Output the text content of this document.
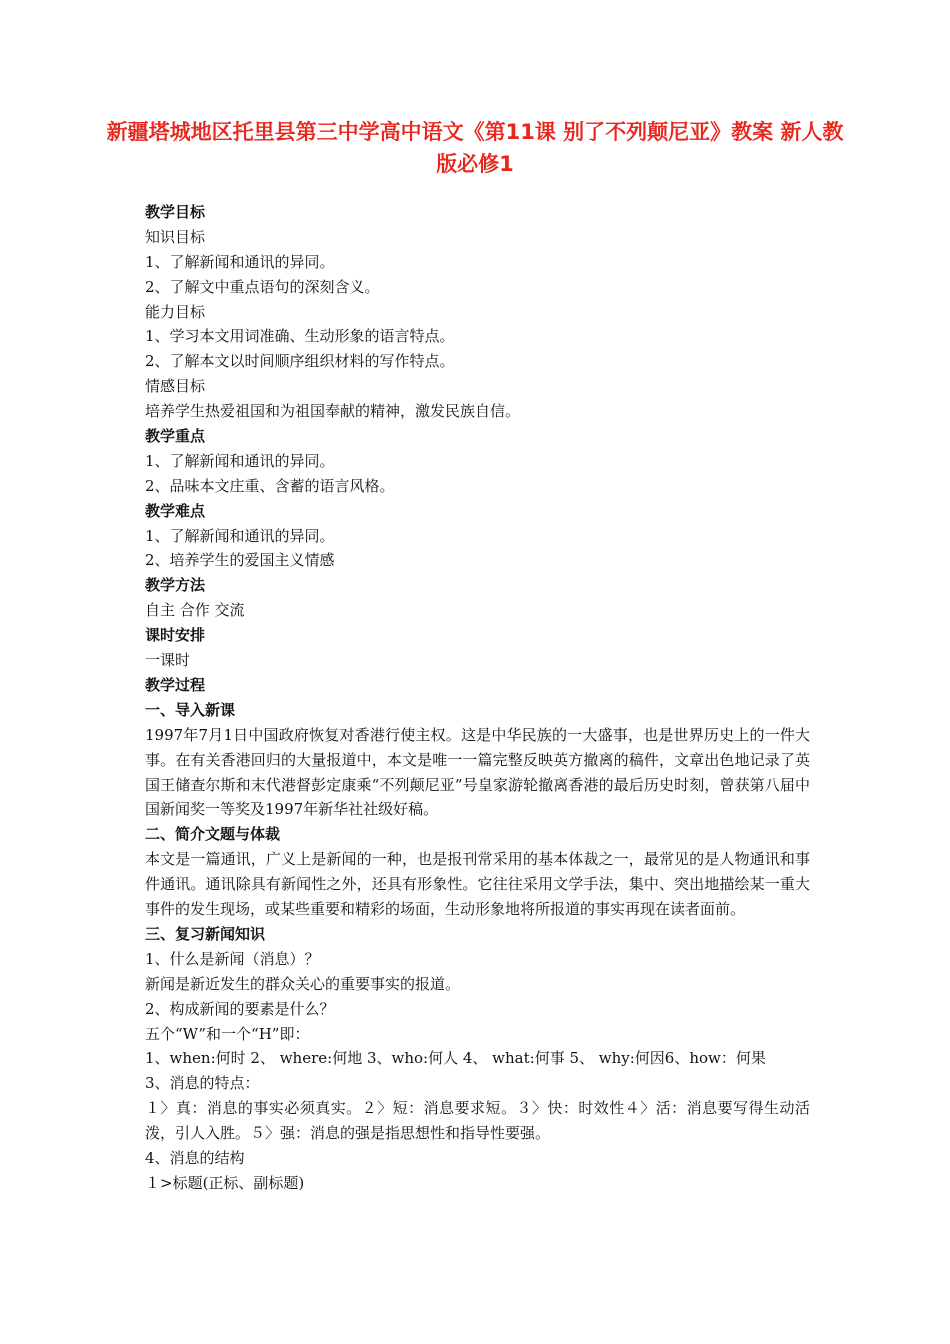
新疆塔城地区托里县第三中学高中语文《第11课 别了不列颠尼亚》教案 新人教版必修1
教学目标
知识目标
1、了解新闻和通讯的异同。
2、了解文中重点语句的深刻含义。
能力目标
1、学习本文用词准确、生动形象的语言特点。
2、了解本文以时间顺序组织材料的写作特点。
情感目标
培养学生热爱祖国和为祖国奉献的精神，激发民族自信。
教学重点
1、了解新闻和通讯的异同。
2、品味本文庄重、含蓄的语言风格。
教学难点
1、了解新闻和通讯的异同。
2、培养学生的爱国主义情感
教学方法
自主 合作 交流
课时安排
一课时
教学过程
一、导入新课
1997年7月1日中国政府恢复对香港行使主权。这是中华民族的一大盛事，也是世界历史上的一件大事。在有关香港回归的大量报道中，本文是唯一一篇完整反映英方撤离的稿件，文章出色地记录了英国王储查尔斯和末代港督彭定康乘“不列颠尼亚”号皇家游轮撤离香港的最后历史时刻，曾获第八届中国新闻奖一等奖及1997年新华社社级好稿。
二、简介文题与体裁
本文是一篇通讯，广义上是新闻的一种，也是报刊常采用的基本体裁之一，最常见的是人物通讯和事件通讯。通讯除具有新闻性之外，还具有形象性。它往往采用文学手法，集中、突出地描绘某一重大事件的发生现场，或某些重要和精彩的场面，生动形象地将所报道的事实再现在读者面前。
三、复习新闻知识
1、什么是新闻（消息）？
新闻是新近发生的群众关心的重要事实的报道。
2、构成新闻的要素是什么？
五个“W”和一个“H”即：
1、when:何时 2、 where:何地 3、who:何人 4、 what:何事 5、 why:何因6、how：何果
3、消息的特点：
１〉真：消息的事实必须真实。２〉短：消息要求短。３〉快：时效性４〉活：消息要写得生动活泼，引人入胜。５〉强：消息的强是指思想性和指导性要强。
4、消息的结构
１>标题(正标、副标题)
